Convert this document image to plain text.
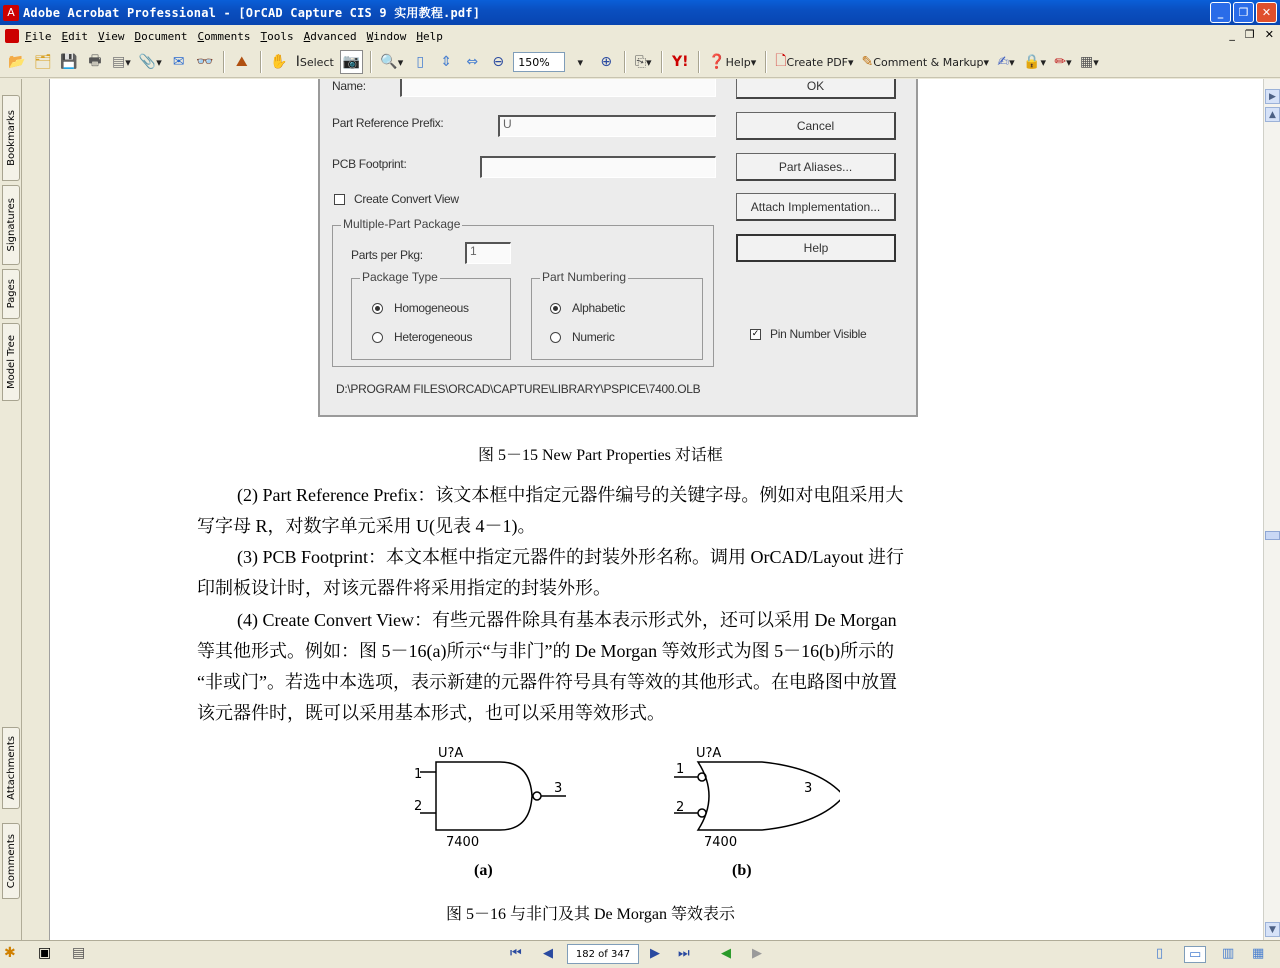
A Adobe Acrobat Professional - [OrCAD Capture CIS 9 实用教程.pdf]	_	❐	✕
File Edit View Document Comments Tools Advanced Window Help	_ ❐ ✕
📂 🗂 💾 🖶 ▤ ▾ 📎 ▾ ✉ 👓 ⛰ ✋ Ⅰ Select 📷 🔍 ▾ ▯ ⇕ ⇔ ⊖	150%	▾	⊕ ⎘ ▾ Y! ❓ Help ▾ 🗋 Create PDF ▾ ✎ Comment & Markup ▾ ✍ ▾ 🔒 ▾ ✏ ▾ ▦ ▾
Bookmarks
Signatures
Pages
Model Tree
Attachments
Comments
Name:	OK
Part Reference Prefix:	U	Cancel
PCB Footprint:	Part Aliases...
Create Convert View
Attach Implementation...
Multiple-Part Package
Parts per Pkg:	1
Package Type
Homogeneous
Heterogeneous
Part Numbering
Alphabetic
Numeric
Help
✓ Pin Number Visible
D:\PROGRAM FILES\ORCAD\CAPTURE\LIBRARY\PSPICE\7400.OLB
图 5－15 New Part Properties 对话框
(2) Part Reference Prefix：该文本框中指定元器件编号的关键字母。例如对电阻采用大
写字母 R，对数字单元采用 U(见表 4－1)。
(3) PCB Footprint：本文本框中指定元器件的封装外形名称。调用 OrCAD/Layout 进行
印制板设计时，对该元器件将采用指定的封装外形。
(4) Create Convert View：有些元器件除具有基本表示形式外，还可以采用 De Morgan
等其他形式。例如：图 5－16(a)所示“与非门”的 De Morgan 等效形式为图 5－16(b)所示的
“非或门”。若选中本选项，表示新建的元器件符号具有等效的其他形式。在电路图中放置
该元器件时，既可以采用基本形式，也可以采用等效形式。
U?A
1
2
3
7400
(a)
U?A
1
2
3
7400
(b)
图 5－16 与非门及其 De Morgan 等效表示
▶
▲
▼
✱ ▣ ▤	⏮ ◀	182 of 347	▶ ⏭ ◀ ▶	▯	▭	▥ ▦
